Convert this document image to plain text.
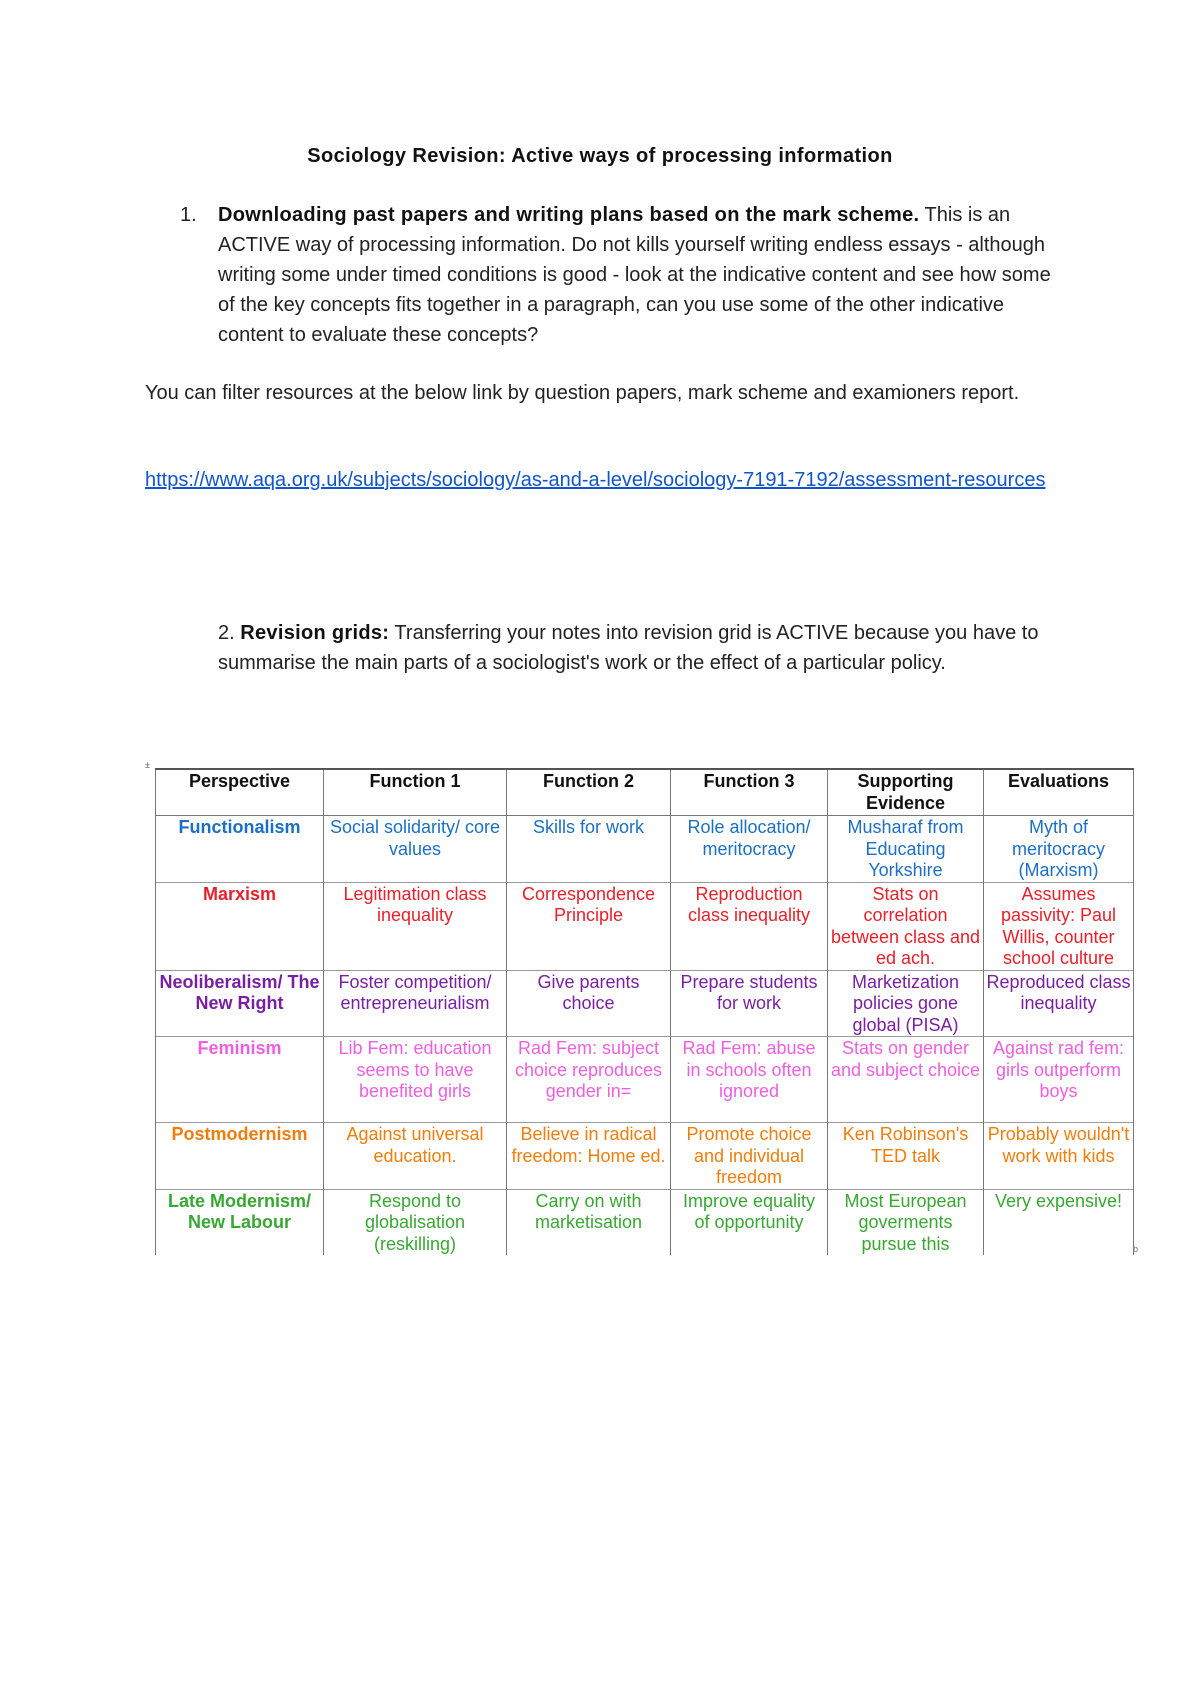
Sociology Revision: Active ways of processing information
1. Downloading past papers and writing plans based on the mark scheme. This is an ACTIVE way of processing information. Do not kills yourself writing endless essays - although writing some under timed conditions is good - look at the indicative content and see how some of the key concepts fits together in a paragraph, can you use some of the other indicative content to evaluate these concepts?
You can filter resources at the below link by question papers, mark scheme and examioners report.
https://www.aqa.org.uk/subjects/sociology/as-and-a-level/sociology-7191-7192/assessment-resources
2. Revision grids: Transferring your notes into revision grid is ACTIVE because you have to summarise the main parts of a sociologist's work or the effect of a particular policy.
±
Perspective	Function 1	Function 2	Function 3	Supporting Evidence	Evaluations
Functionalism	Social solidarity/ core values	Skills for work	Role allocation/ meritocracy	Musharaf from Educating Yorkshire	Myth of meritocracy (Marxism)
Marxism	Legitimation class inequality	Correspondence Principle	Reproduction class inequality	Stats on correlation between class and ed ach.	Assumes passivity: Paul Willis, counter school culture
Neoliberalism/ The New Right	Foster competition/ entrepreneurialism	Give parents choice	Prepare students for work	Marketization policies gone global (PISA)	Reproduced class inequality
Feminism	Lib Fem: education seems to have benefited girls	Rad Fem: subject choice reproduces gender in=	Rad Fem: abuse in schools often ignored	Stats on gender and subject choice	Against rad fem: girls outperform boys
Postmodernism	Against universal education.	Believe in radical freedom: Home ed.	Promote choice and individual freedom	Ken Robinson's TED talk	Probably wouldn't work with kids
Late Modernism/ New Labour	Respond to globalisation (reskilling)	Carry on with marketisation	Improve equality of opportunity	Most European goverments pursue this	Very expensive!
b
